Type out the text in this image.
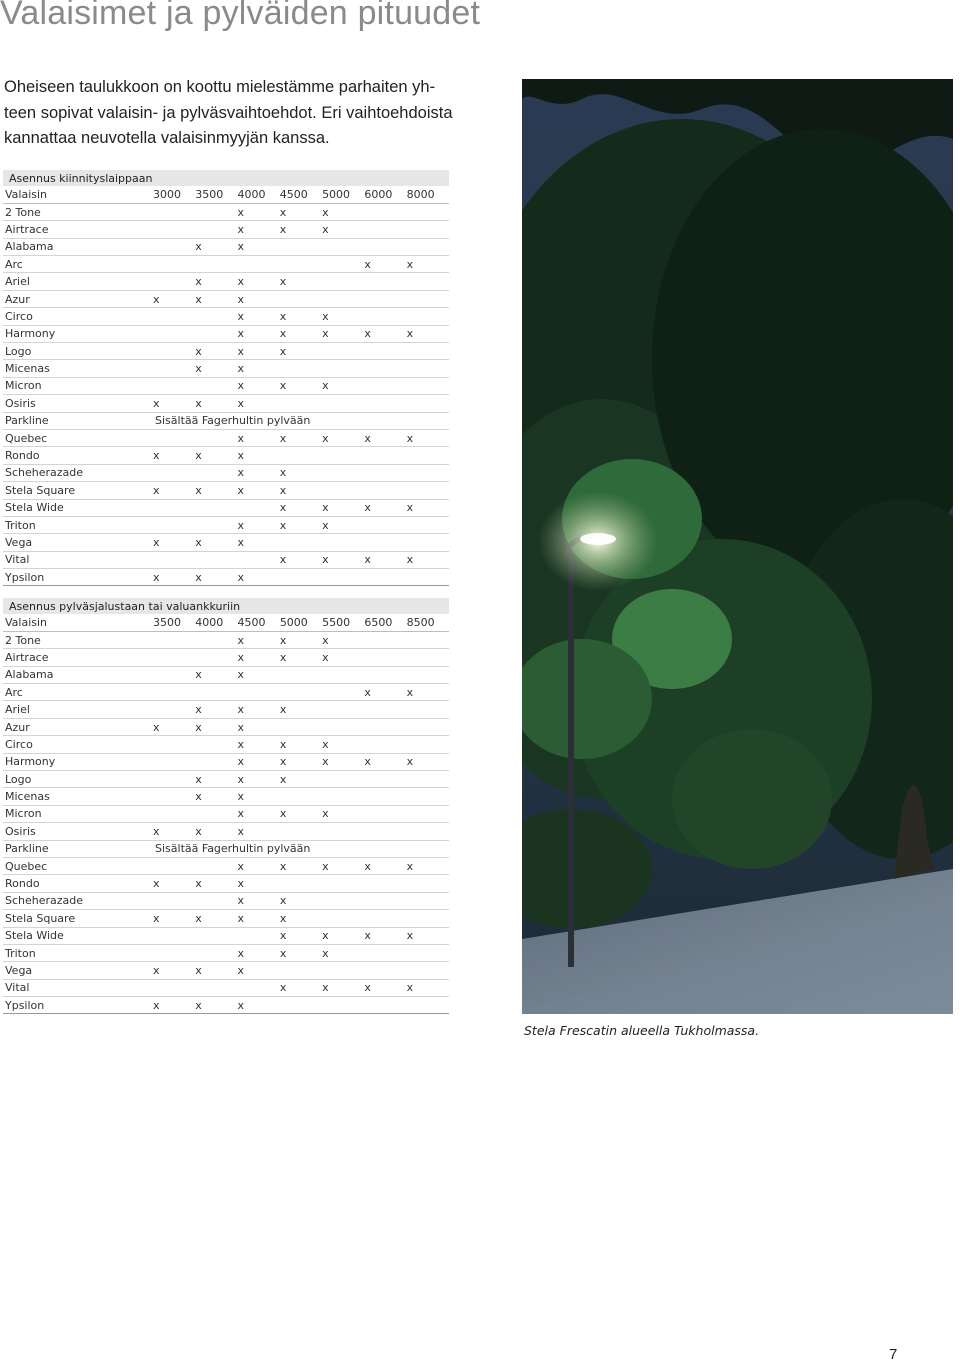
Valaisimet ja pylväiden pituudet
Oheiseen taulukkoon on koottu mielestämme parhaiten yh-
teen sopivat valaisin- ja pylväsvaihtoehdot. Eri vaihtoehdoista
kannattaa neuvotella valaisinmyyjän kanssa.
Asennus kiinnityslaippaan							
Valaisin	3000	3500	4000	4500	5000	6000	8000
2 Tone			x	x	x		
Airtrace			x	x	x		
Alabama		x	x				
Arc						x	x
Ariel		x	x	x			
Azur	x	x	x				
Circo			x	x	x		
Harmony			x	x	x	x	x
Logo		x	x	x			
Micenas		x	x				
Micron			x	x	x		
Osiris	x	x	x				
Parkline	Sisältää Fagerhultin pylvään						
Quebec			x	x	x	x	x
Rondo	x	x	x				
Scheherazade			x	x			
Stela Square	x	x	x	x			
Stela Wide				x	x	x	x
Triton			x	x	x		
Vega	x	x	x				
Vital				x	x	x	x
Ypsilon	x	x	x				
Asennus pylväsjalustaan tai valuankkuriin							
Valaisin	3500	4000	4500	5000	5500	6500	8500
2 Tone			x	x	x		
Airtrace			x	x	x		
Alabama		x	x				
Arc						x	x
Ariel		x	x	x			
Azur	x	x	x				
Circo			x	x	x		
Harmony			x	x	x	x	x
Logo		x	x	x			
Micenas		x	x				
Micron			x	x	x		
Osiris	x	x	x				
Parkline	Sisältää Fagerhultin pylvään						
Quebec			x	x	x	x	x
Rondo	x	x	x				
Scheherazade			x	x			
Stela Square	x	x	x	x			
Stela Wide				x	x	x	x
Triton			x	x	x		
Vega	x	x	x				
Vital				x	x	x	x
Ypsilon	x	x	x				
Stela Frescatin alueella Tukholmassa.
7
